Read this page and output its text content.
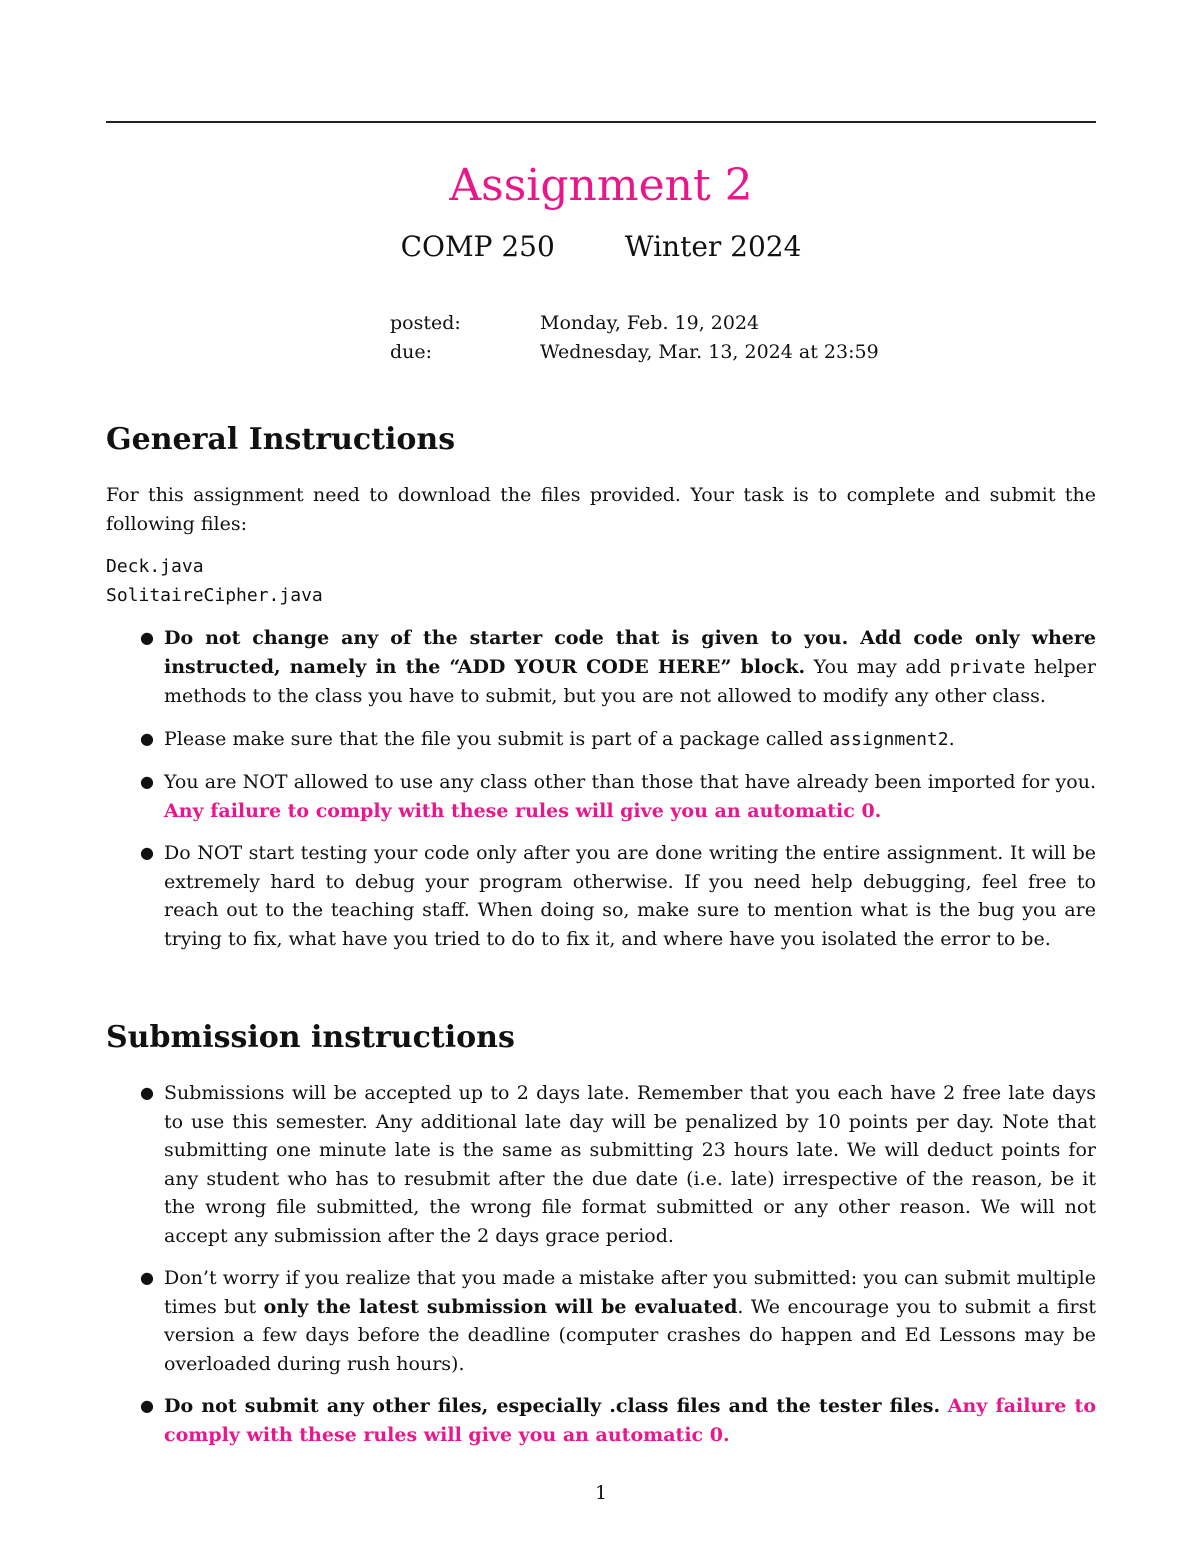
Assignment 2
COMP 250	Winter 2024
posted:	Monday, Feb. 19, 2024
due:	Wednesday, Mar. 13, 2024 at 23:59
General Instructions
For this assignment need to download the files provided. Your task is to complete and submit the following files:
Deck.java
SolitaireCipher.java
● Do not change any of the starter code that is given to you. Add code only where instructed, namely in the “ADD YOUR CODE HERE” block. You may add private helper methods to the class you have to submit, but you are not allowed to modify any other class.
● Please make sure that the file you submit is part of a package called assignment2.
● You are NOT allowed to use any class other than those that have already been imported for you. Any failure to comply with these rules will give you an automatic 0.
● Do NOT start testing your code only after you are done writing the entire assignment. It will be extremely hard to debug your program otherwise. If you need help debugging, feel free to reach out to the teaching staff. When doing so, make sure to mention what is the bug you are trying to fix, what have you tried to do to fix it, and where have you isolated the error to be.
Submission instructions
● Submissions will be accepted up to 2 days late. Remember that you each have 2 free late days to use this semester. Any additional late day will be penalized by 10 points per day. Note that submitting one minute late is the same as submitting 23 hours late. We will deduct points for any student who has to resubmit after the due date (i.e. late) irrespective of the reason, be it the wrong file submitted, the wrong file format submitted or any other reason. We will not accept any submission after the 2 days grace period.
● Don’t worry if you realize that you made a mistake after you submitted: you can submit multiple times but only the latest submission will be evaluated. We encourage you to submit a first version a few days before the deadline (computer crashes do happen and Ed Lessons may be overloaded during rush hours).
● Do not submit any other files, especially .class files and the tester files. Any failure to comply with these rules will give you an automatic 0.
1
